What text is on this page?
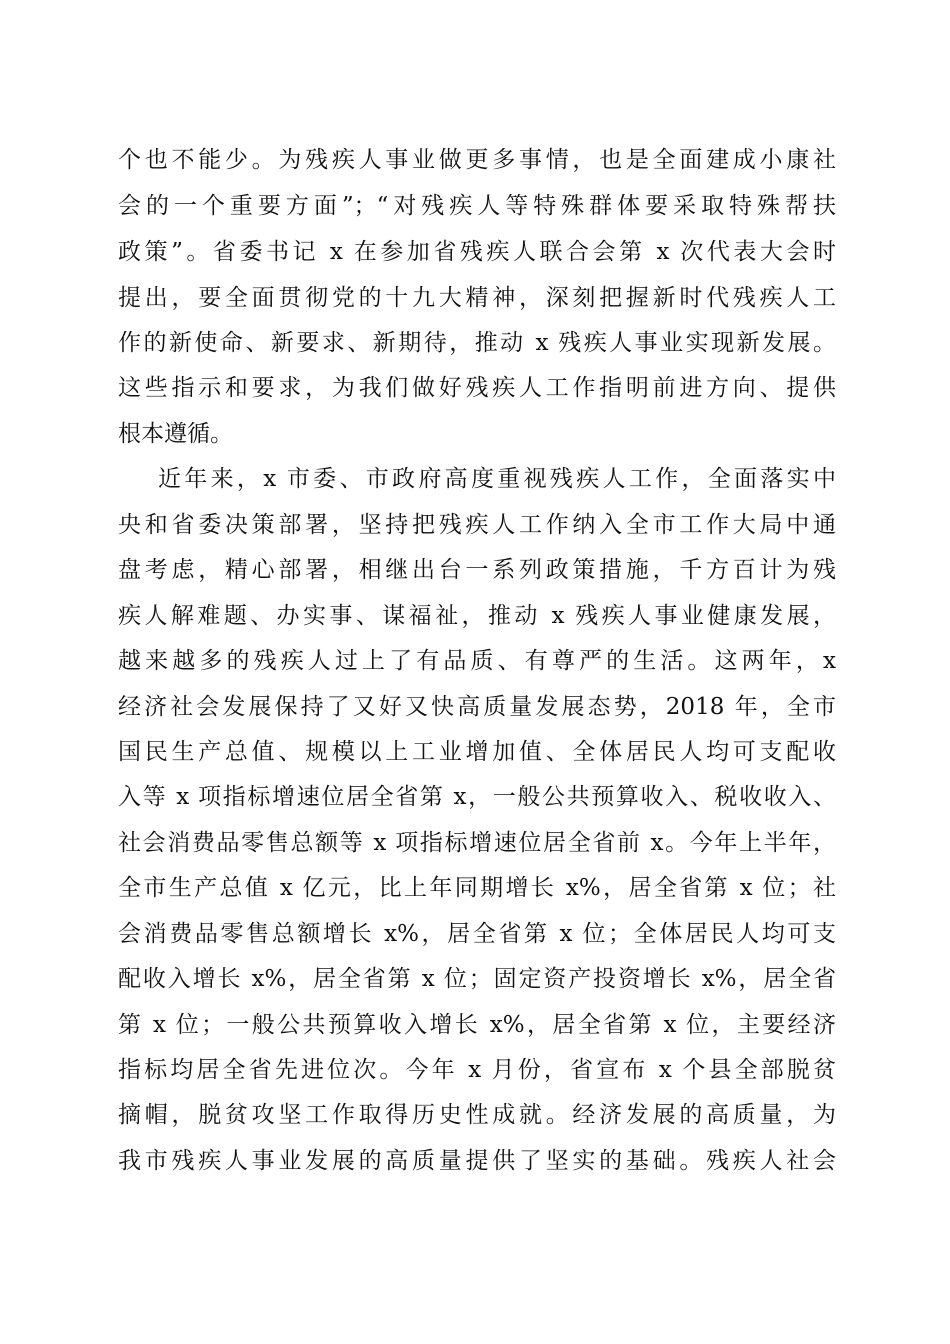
个也不能少。为残疾人事业做更多事情，也是全面建成小康社
会的一个重要方面”；“对残疾人等特殊群体要采取特殊帮扶
政策”。省委书记 x 在参加省残疾人联合会第 x 次代表大会时
提出，要全面贯彻党的十九大精神，深刻把握新时代残疾人工
作的新使命、新要求、新期待，推动 x 残疾人事业实现新发展。
这些指示和要求，为我们做好残疾人工作指明前进方向、提供
根本遵循。
近年来，x 市委、市政府高度重视残疾人工作，全面落实中
央和省委决策部署，坚持把残疾人工作纳入全市工作大局中通
盘考虑，精心部署，相继出台一系列政策措施，千方百计为残
疾人解难题、办实事、谋福祉，推动 x 残疾人事业健康发展，
越来越多的残疾人过上了有品质、有尊严的生活。这两年，x
经济社会发展保持了又好又快高质量发展态势，2018 年，全市
国民生产总值、规模以上工业增加值、全体居民人均可支配收
入等 x 项指标增速位居全省第 x，一般公共预算收入、税收收入、
社会消费品零售总额等 x 项指标增速位居全省前 x。今年上半年，
全市生产总值 x 亿元，比上年同期增长 x%，居全省第 x 位；社
会消费品零售总额增长 x%，居全省第 x 位；全体居民人均可支
配收入增长 x%，居全省第 x 位；固定资产投资增长 x%，居全省
第 x 位；一般公共预算收入增长 x%，居全省第 x 位，主要经济
指标均居全省先进位次。今年 x 月份，省宣布 x 个县全部脱贫
摘帽，脱贫攻坚工作取得历史性成就。经济发展的高质量，为
我市残疾人事业发展的高质量提供了坚实的基础。残疾人社会
